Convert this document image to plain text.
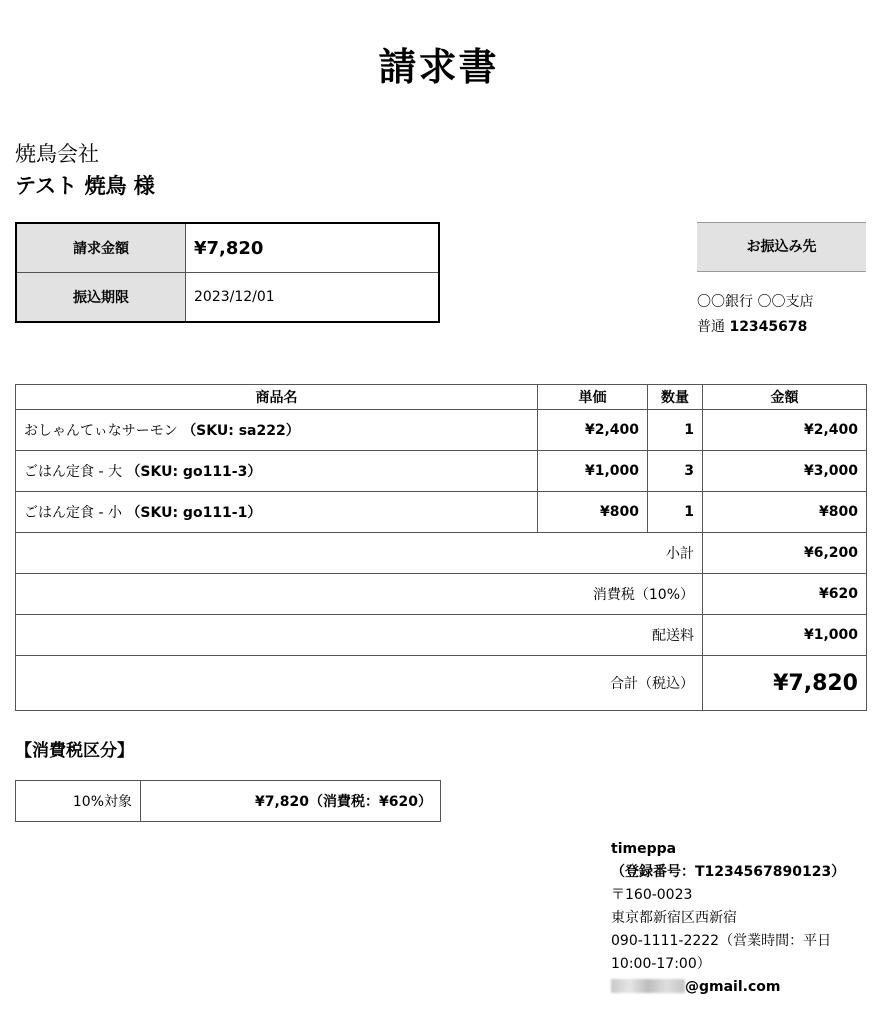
請求書
焼鳥会社
テスト 焼鳥 様
請求金額	¥7,820
振込期限	2023/12/01
お振込み先
〇〇銀行 〇〇支店
普通 12345678
商品名	単価	数量	金額
おしゃんてぃなサーモン （SKU: sa222）	¥2,400	1	¥2,400
ごはん定食 - 大 （SKU: go111-3）	¥1,000	3	¥3,000
ごはん定食 - 小 （SKU: go111-1）	¥800	1	¥800
小計			¥6,200
消費税（10%）			¥620
配送料			¥1,000
合計（税込）			¥7,820
【消費税区分】
10%対象	¥7,820（消費税：¥620）
timeppa
（登録番号：T1234567890123）
〒160-0023
東京都新宿区西新宿
090-1111-2222（営業時間：平日
10:00-17:00）
@gmail.com
